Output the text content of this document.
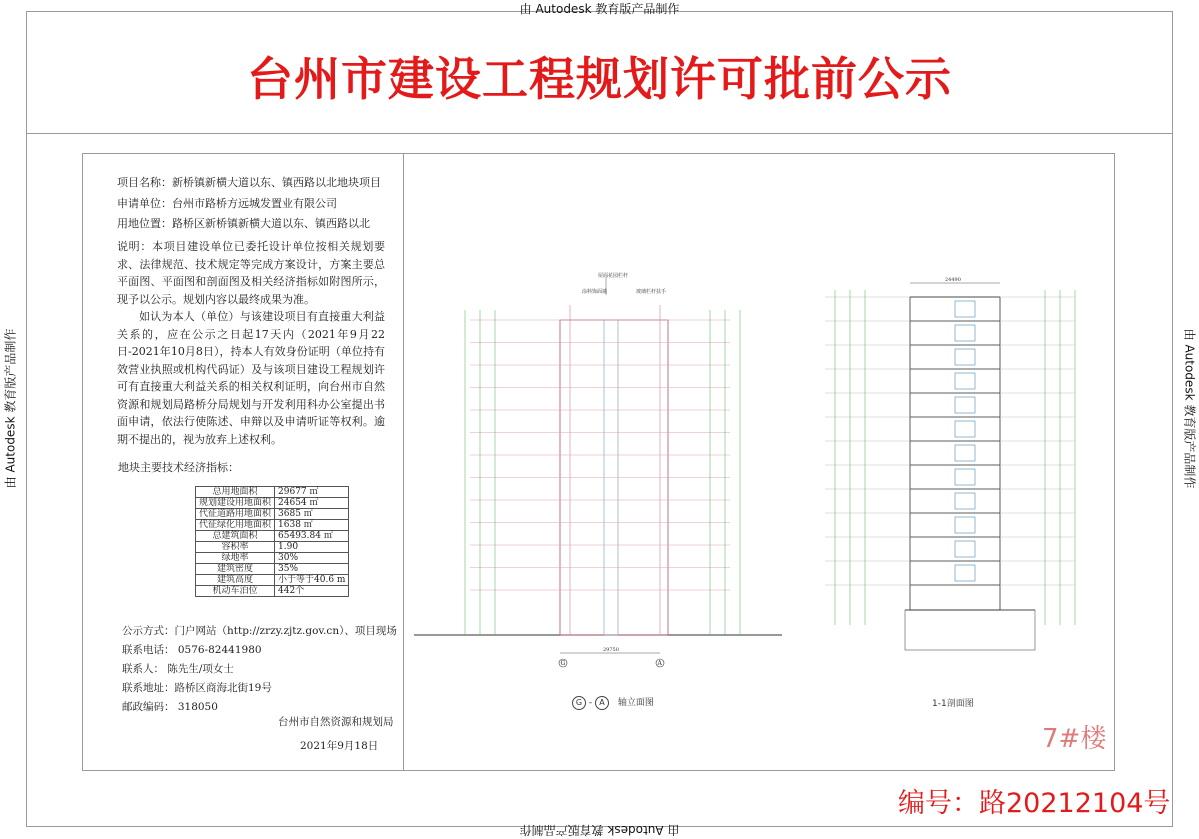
由 Autodesk 教育版产品制作
由 Autodesk 教育版产品制作
由 Autodesk 教育版产品制作	由 Autodesk 教育版产品制作
台州市建设工程规划许可批前公示
项目名称：新桥镇新横大道以东、镇西路以北地块项目
申请单位：台州市路桥方远城发置业有限公司
用地位置：路桥区新桥镇新横大道以东、镇西路以北

说明：本项目建设单位已委托设计单位按相关规划要求、法律规范、技术规定等完成方案设计，方案主要总平面图、平面图和剖面图及相关经济指标如附图所示，现予以公示。规划内容以最终成果为准。

如认为本人（单位）与该建设项目有直接重大利益关系的，应在公示之日起17天内（2021年9月22日-2021年10月8日），持本人有效身份证明（单位持有效营业执照或机构代码证）及与该项目建设工程规划许可有直接重大利益关系的相关权利证明，向台州市自然资源和规划局路桥分局规划与开发利用科办公室提出书面申请，依法行使陈述、申辩以及申请听证等权利。逾期不提出的，视为放弃上述权利。

地块主要技术经济指标：
总用地面积	29677 ㎡
规划建设用地面积	24654 ㎡
代征道路用地面积	3685 ㎡
代征绿化用地面积	1638 ㎡
总建筑面积	65493.84 ㎡
容积率	1.90
绿地率	30%
建筑密度	35%
建筑高度	小于等于40.6 m
机动车泊位	442个
公示方式：门户网站（http://zrzy.zjtz.gov.cn）、项目现场
联系电话： 0576-82441980
联系人： 陈先生/项女士
联系地址：路桥区商海北街19号
邮政编码： 318050
台州市自然资源和规划局
2021年9月18日
屋面花园栏杆
涂料饰面墙	玻璃栏杆扶手
29750
G	A
G - A 轴立面图
24490
1-1剖面图
7#楼
编号：路20212104号
